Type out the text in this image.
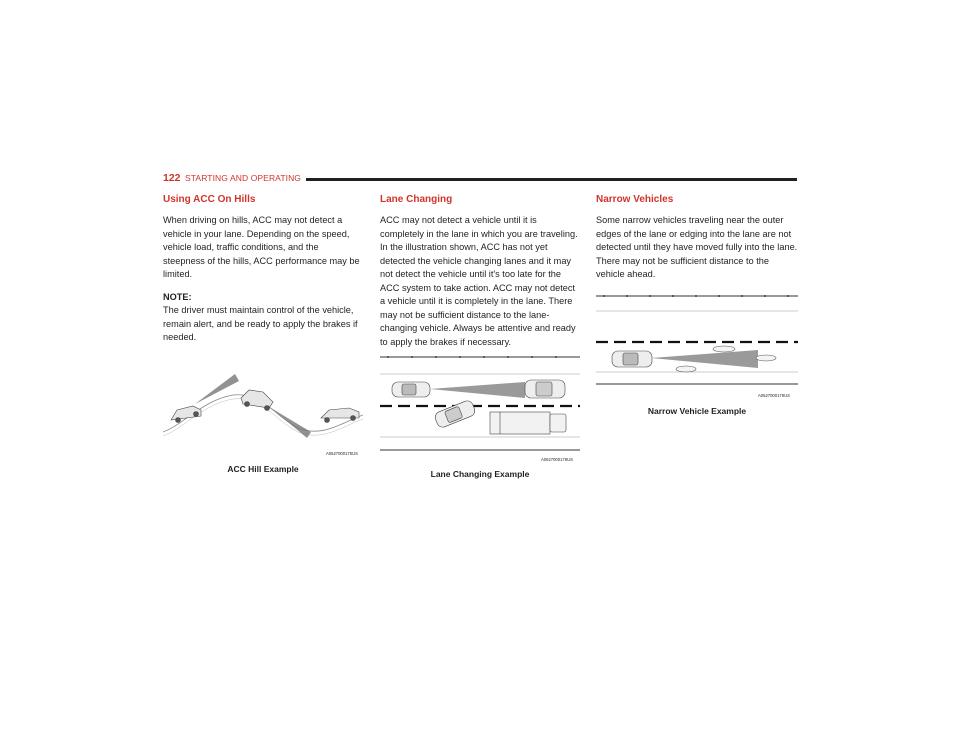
122 STARTING AND OPERATING
Using ACC On Hills

When driving on hills, ACC may not detect a vehicle in your lane. Depending on the speed, vehicle load, traffic conditions, and the steepness of the hills, ACC performance may be limited.

NOTE:

The driver must maintain control of the vehicle, remain alert, and be ready to apply the brakes if needed.

A0627000175US
ACC Hill Example
Lane Changing

ACC may not detect a vehicle until it is completely in the lane in which you are traveling. In the illustration shown, ACC has not yet detected the vehicle changing lanes and it may not detect the vehicle until it's too late for the ACC system to take action. ACC may not detect a vehicle until it is completely in the lane. There may not be sufficient distance to the lane-changing vehicle. Always be attentive and ready to apply the brakes if necessary.

A0627000178US
Lane Changing Example
Narrow Vehicles

Some narrow vehicles traveling near the outer edges of the lane or edging into the lane are not detected until they have moved fully into the lane. There may not be sufficient distance to the vehicle ahead.

A0627000179US
Narrow Vehicle Example
